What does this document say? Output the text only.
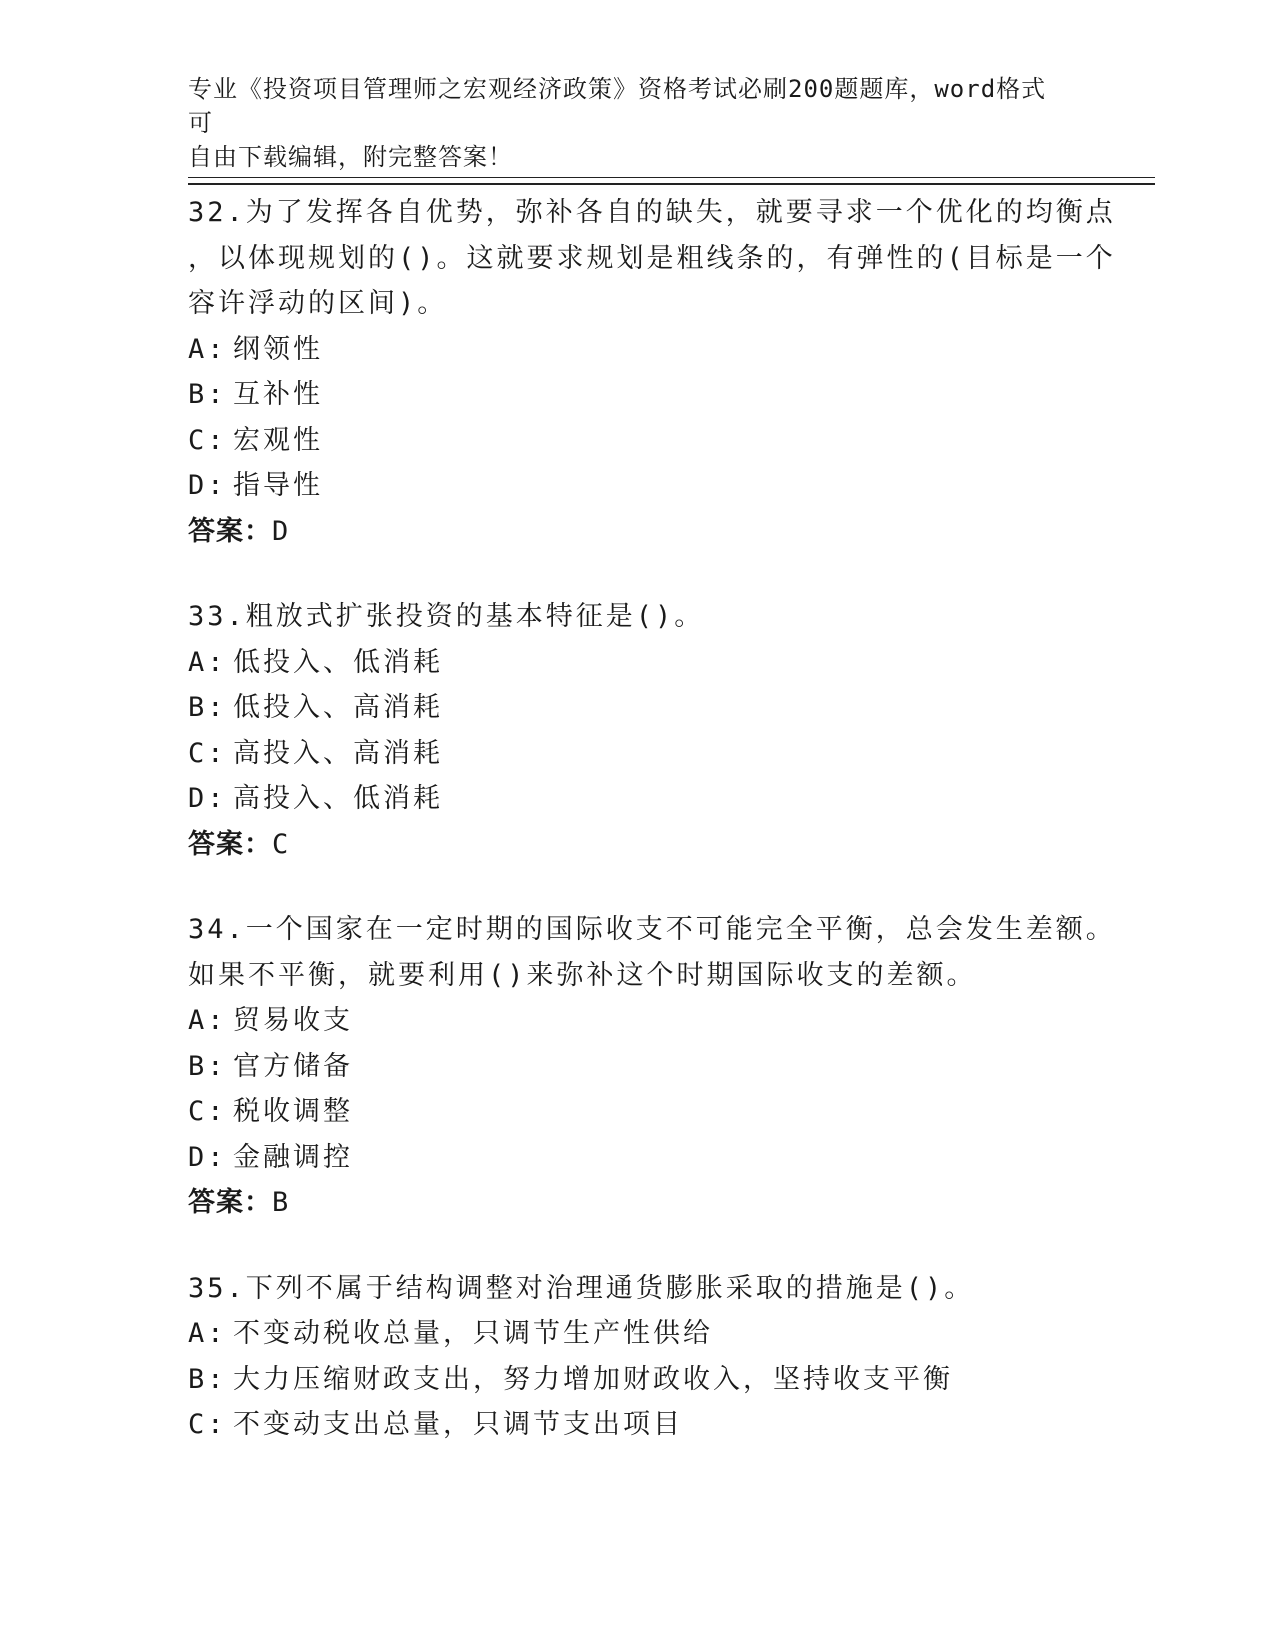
专业《投资项目管理师之宏观经济政策》资格考试必刷200题题库，word格式可
自由下载编辑，附完整答案！
32.为了发挥各自优势，弥补各自的缺失，就要寻求一个优化的均衡点
，以体现规划的()。这就要求规划是粗线条的，有弹性的(目标是一个
容许浮动的区间)。
A: 纲领性
B: 互补性
C: 宏观性
D: 指导性
答案：D
33.粗放式扩张投资的基本特征是()。
A: 低投入、低消耗
B: 低投入、高消耗
C: 高投入、高消耗
D: 高投入、低消耗
答案：C
34.一个国家在一定时期的国际收支不可能完全平衡，总会发生差额。
如果不平衡，就要利用()来弥补这个时期国际收支的差额。
A: 贸易收支
B: 官方储备
C: 税收调整
D: 金融调控
答案：B
35.下列不属于结构调整对治理通货膨胀采取的措施是()。
A: 不变动税收总量，只调节生产性供给
B: 大力压缩财政支出，努力增加财政收入，坚持收支平衡
C: 不变动支出总量，只调节支出项目
